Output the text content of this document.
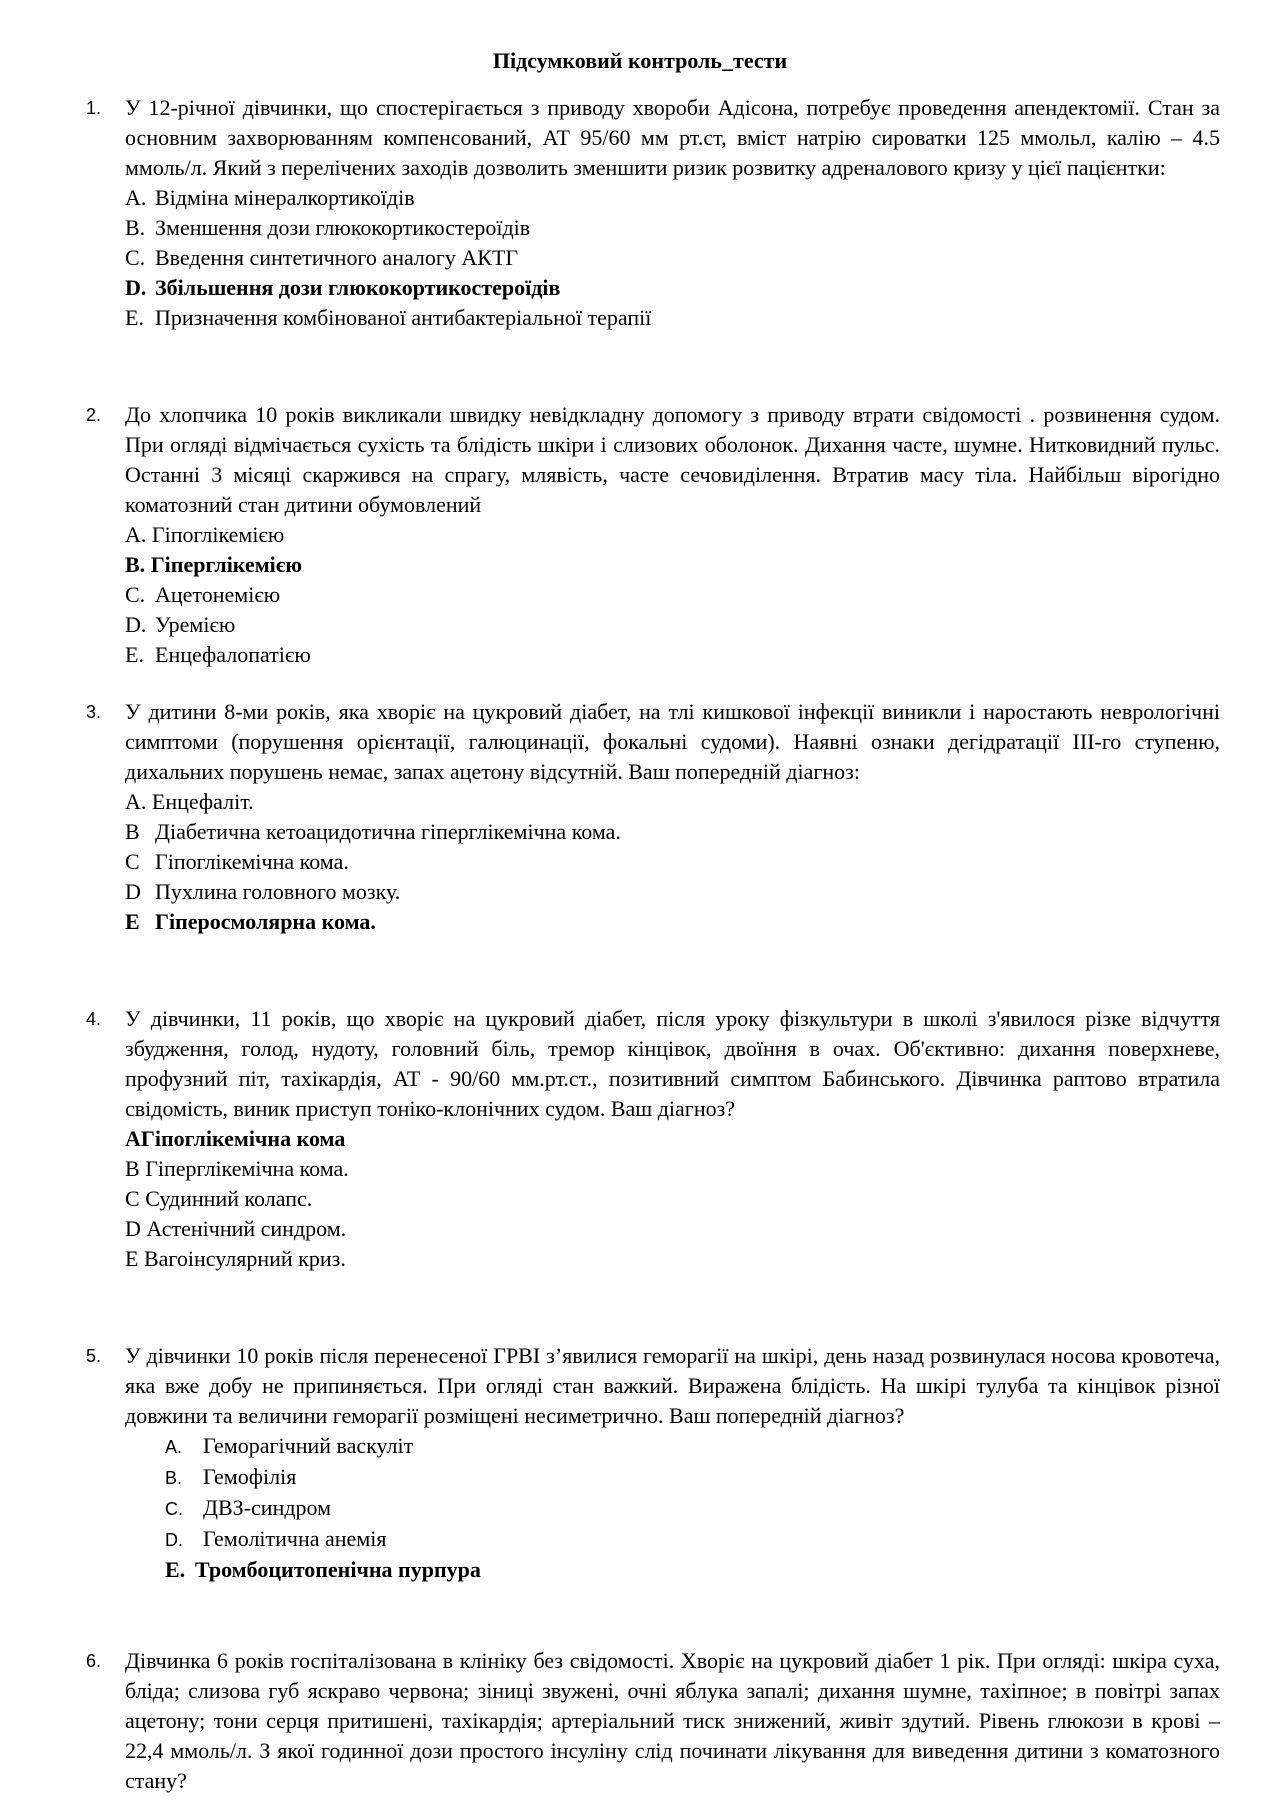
Підсумковий контроль_тести
1.	У 12-річної дівчинки, що спостерігається з приводу хвороби Адісона, потребує проведення апендектомії. Стан за основним захворюванням компенсований, АТ 95/60 мм рт.ст, вміст натрію сироватки 125 ммольл, калію – 4.5 ммоль/л. Який з перелічених заходів дозволить зменшити ризик розвитку адреналового кризу у цієї пацієнтки:

A. Відміна мінералкортикоїдів

B. Зменшення дози глюкокортикостероїдів

C. Введення синтетичного аналогу АКТГ

D. Збільшення дози глюкокортикостероїдів

E. Призначення комбінованої антибактеріальної терапії

2.	До хлопчика 10 років викликали швидку невідкладну допомогу з приводу втрати свідомості . розвинення судом. При огляді відмічається сухість та блідість шкіри і слизових оболонок. Дихання часте, шумне. Нитковидний пульс. Останні 3 місяці скаржився на спрагу, млявість, часте сечовиділення. Втратив масу тіла. Найбільш вірогідно коматозний стан дитини обумовлений

A. Гіпоглікемією

B. Гіперглікемією

C. Ацетонемією

D. Уремією

E. Енцефалопатією

3.	У дитини 8-ми років, яка хворіє на цукровий діабет, на тлі кишкової інфекції виникли і наростають неврологічні симптоми (порушення орієнтації, галюцинації, фокальні судоми). Наявні ознаки дегідратації ІІІ-го ступеню, дихальних порушень немає, запах ацетону відсутній. Ваш попередній діагноз:

A. Енцефаліт.

B Діабетична кетоацидотична гіперглікемічна кома.

C Гіпоглікемічна кома.

D Пухлина головного мозку.

E Гіперосмолярна кома.

4.	У дівчинки, 11 років, що хворіє на цукровий діабет, після уроку фізкультури в школі з'явилося різке відчуття збудження, голод, нудоту, головний біль, тремор кінцівок, двоїння в очах. Об'єктивно: дихання поверхневе, профузний піт, тахікардія, АТ - 90/60 мм.рт.ст., позитивний симптом Бабинського. Дівчинка раптово втратила свідомість, виник приступ тоніко-клонічних судом. Ваш діагноз?

AГіпоглікемічна кома

B Гіперглікемічна кома.

C Судинний колапс.

D Астенічний синдром.

E Вагоінсулярний криз.

5.	У дівчинки 10 років після перенесеної ГРВІ з’явилися геморагії на шкірі, день назад розвинулася носова кровотеча, яка вже добу не припиняється. При огляді стан важкий. Виражена блідість. На шкірі тулуба та кінцівок різної довжини та величини геморагії розміщені несиметрично. Ваш попередній діагноз?

A. Геморагічний васкуліт

B. Гемофілія

C. ДВЗ-синдром

D. Гемолітична анемія

E. Тромбоцитопенічна пурпура

6.	Дівчинка 6 років госпіталізована в клініку без свідомості. Хворіє на цукровий діабет 1 рік. При огляді: шкіра суха, бліда; слизова губ яскраво червона; зіниці звужені, очні яблука запалі; дихання шумне, тахіпное; в повітрі запах ацетону; тони серця притишені, тахікардія; артеріальний тиск знижений, живіт здутий. Рівень глюкози в крові – 22,4 ммоль/л. З якої годинної дози простого інсуліну слід починати лікування для виведення дитини з коматозного стану?
